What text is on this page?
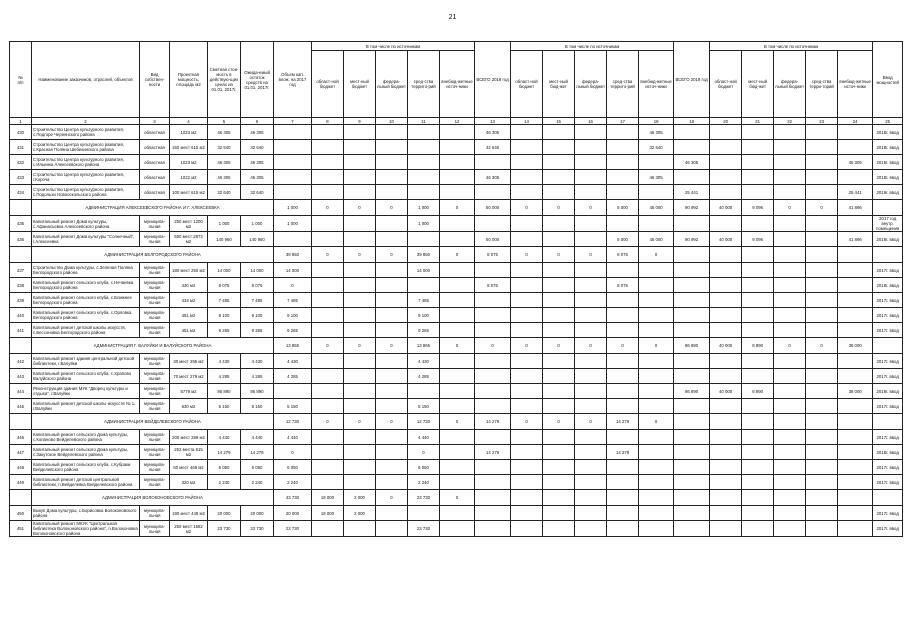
21
№
п/п	Наименование заказчиков, отраслей, объектов	Вид собствен-ности	Проектная мощность, площадь м2	Сметная стои-мость в действую-щих ценах на 01.01. 2017г.	Ожида-емый остаток средств на 01.01. 2017г.	Объем кап. влож. на 2017 год	В том числе по источникам					ВСЕГО 2018 год	В том числе по источникам					ВСЕГО 2019 год	В том числе по источникам					Ввод мощностей
							област-ной бюджет	мест-ный бюджет	федера-льный бюджет	сред-ства террито-рий	внебюд-жетные источ-ники		област-ной бюджет	мест-ный бюд-жет	федера-льный бюджет	сред-ства террито-рий	внебюд-жетные источ-ники		област-ной бюджет	мест-ный бюд-жет	федера-льный бюджет	сред-ства терри-торий	внебюд-жетные источ-ники	
1	2	3	4	5	6	7	8	9	10	11	12	13	14	15	16	17	18	19	20	21	22	23	24	25
430	Строительство Центра культурного развития, с.Подгоре Чернянского района	областная	1023 м2	46 305	46 305							46 305					46 305							2018г. ввод
431	Строительство Центра культурного развития, с.Красная Поляна Шебекинского района	областная	150 мест 615 м2	32 640	32 640							32 640					32 640							2018г. ввод
432	Строительство Центра культурного развития, с.Ильинка Алексеевского района	областная	1023 м2	46 305	46 305													46 305					46 305	2019г. ввод
433	Строительство Центра культурного развития, г.Короча	областная	1022 м2	46 305	46 305							46 305					46 305							2018г. ввод
434	Строительство Центра культурного развития, с.Подольхи Новооскольского района	областная	100 мест 615 м2	32 640	32 640													25 441					25 441	2019г. ввод
	АДМИНИСТРАЦИЯ АЛЕКСЕЕВСКОГО РАЙОНА И Г. АЛЕКСЕЕВКА					1 000	0	0	0	1 000	0	50 000	0	0	0	5 000	45 000	90 992	40 000	9 096	0	0	41 896	
435	Капитальный ремонт Дома культуры, с.Афанасьевка Алексеевского района	муниципа-льная	250 мест 1200 м2	1 000	1 000	1 000				1 000														2017 год внутр. помещения
436	Капитальный ремонт Дома культуры "Солнечный", г.Алексеевка	муниципа-льная	550 мест 2873 м2	140 960	140 960							50 000				5 000	45 000	90 992	40 000	9 096			41 896	2019г. ввод
	АДМИНИСТРАЦИЯ БЕЛГОРОДСКОГО РАЙОНА					39 850	0	0	0	39 850	0	8 075	0	0	0	8 075	0							
437	Строительство Дома культуры, с.Зеленая Поляна Белгородского района	муниципа-льная	180 мест 250 м2	14 000	14 000	14 000				14 000														2017г. ввод
438	Капитальный ремонт сельского клуба, с.Нечаевка Белгородского района	муниципа-льная	430 м2	8 075	8 075	0						8 075				8 075								2018г. ввод
439	Капитальный ремонт сельского клуба, с.Ближнее Белгородского района	муниципа-льная	434 м2	7 485	7 485	7 485				7 485														2017г. ввод
440	Капитальный ремонт сельского клуба, с.Орловка Белгородского района	муниципа-льная	451 м2	9 100	9 100	9 100				9 100														2017г. ввод
441	Капитальный ремонт детской школы искусств, с.Бессоновка Белгородского района	муниципа-льная	451 м2	9 265	9 265	9 265				9 265														2017г. ввод
	АДМИНИСТРАЦИЯ Г. ВАЛУЙКИ И ВАЛУЙСКОГО РАЙОНА					13 865	0	0	0	13 865	0	0	0	0	0	0	0	86 890	40 000	8 890	0	0	38 000	
442	Капитальный ремонт здания центральной детской библиотеки, г.Валуйки	муниципа-льная	30 мест 295 м2	4 430	4 430	4 430				4 430														2017г. ввод
443	Капитальный ремонт сельского клуба, с.Храпово Валуйского района	муниципа-льная	70 мест 279 м2	4 285	4 285	4 285				4 285														2017г. ввод
444	Реконструкция здания МУК "Дворец культуры и отдыха", г.Валуйки	муниципа-льная	5779 м2	86 890	86 890													86 890	40 000	8 890			38 000	2019г. ввод
445	Капитальный ремонт детской школы искусств № 1, г.Валуйки	муниципа-льная	630 м2	5 150	5 150	5 150				5 150														2017г. ввод
	АДМИНИСТРАЦИЯ ВЕЙДЕЛЕВСКОГО РАЙОНА					12 730	0	0	0	12 730	0	14 279	0	0	0	14 279	0							
446	Капитальный ремонт сельского Дома культуры, с.Копаново Вейделевского района	муниципа-льная	200 мест 289 м2	4 440	4 440	4 440				4 440														2017г. ввод
447	Капитальный ремонт сельского Дома культуры, с.Закутское Вейделевского района	муниципа-льная	252 места 615 м2	14 279	14 279	0				0		14 279				14 279								2018г. ввод
448	Капитальный ремонт сельского клуба, с.Кубраки Вейделевского района	муниципа-льная	60 мест 469 м2	6 050	6 050	6 050				6 050														2017г. ввод
449	Капитальный ремонт детской центральной библиотеки, п.Вейделевка Вейделевского района	муниципа-льная	320 м2	2 240	2 240	2 240				2 240														2017г. ввод
	АДМИНИСТРАЦИЯ ВОЛОКОНОВСКОГО РАЙОНА					43 730	18 000	2 000	0	23 730	0													
450	Выкуп Дома культуры, с.Борисовка Волоконовского района	муниципа-льная	190 мест 448 м2	20 000	20 000	20 000	18 000	2 000																2017г. ввод
451	Капитальный ремонт МКУК "Центральная библиотека Волоконовского района", п.Волоконовка Волоконовского района	муниципа-льная	250 мест 1582 м2	23 730	23 730	23 730				23 730														2017г. ввод
